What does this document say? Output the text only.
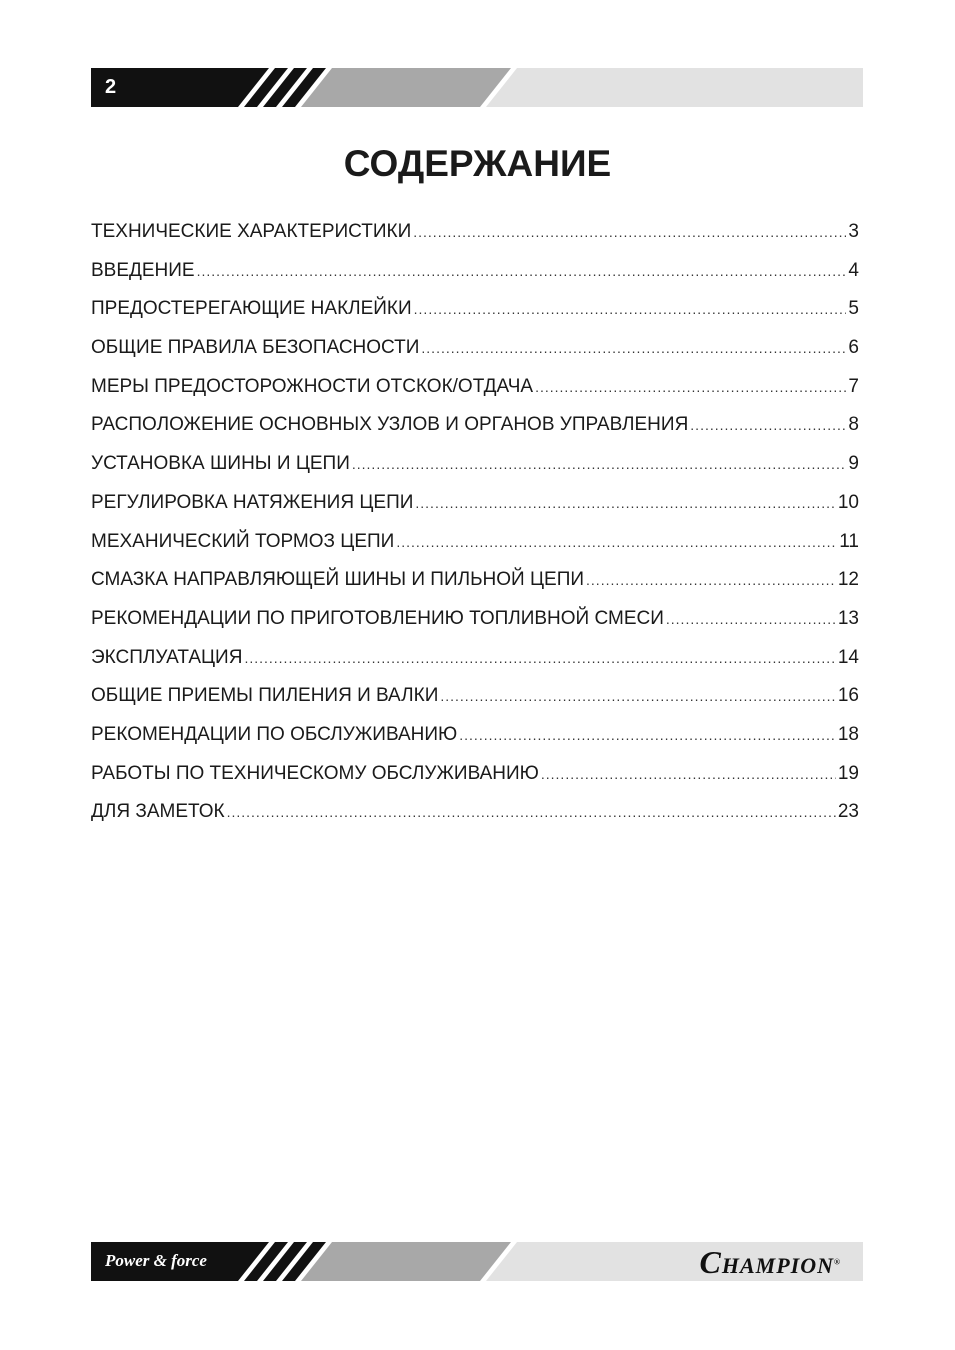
2
СОДЕРЖАНИЕ
ТЕХНИЧЕСКИЕ ХАРАКТЕРИСТИКИ .....	3
ВВЕДЕНИЕ .....	4
ПРЕДОСТЕРЕГАЮЩИЕ НАКЛЕЙКИ .....	5
ОБЩИЕ ПРАВИЛА БЕЗОПАСНОСТИ .....	6
МЕРЫ ПРЕДОСТОРОЖНОСТИ ОТСКОК/ОТДАЧА .....	7
РАСПОЛОЖЕНИЕ ОСНОВНЫХ УЗЛОВ И ОРГАНОВ УПРАВЛЕНИЯ .....	8
УСТАНОВКА ШИНЫ И ЦЕПИ .....	9
РЕГУЛИРОВКА НАТЯЖЕНИЯ ЦЕПИ .....	10
МЕХАНИЧЕСКИЙ ТОРМОЗ ЦЕПИ .....	11
СМАЗКА НАПРАВЛЯЮЩЕЙ ШИНЫ И ПИЛЬНОЙ ЦЕПИ .....	12
РЕКОМЕНДАЦИИ ПО ПРИГОТОВЛЕНИЮ ТОПЛИВНОЙ СМЕСИ .....	13
ЭКСПЛУАТАЦИЯ .....	14
ОБЩИЕ ПРИЕМЫ ПИЛЕНИЯ И ВАЛКИ .....	16
РЕКОМЕНДАЦИИ ПО ОБСЛУЖИВАНИЮ .....	18
РАБОТЫ ПО ТЕХНИЧЕСКОМУ ОБСЛУЖИВАНИЮ .....	19
ДЛЯ ЗАМЕТОК .....	23
Power & force	CHAMPION®
